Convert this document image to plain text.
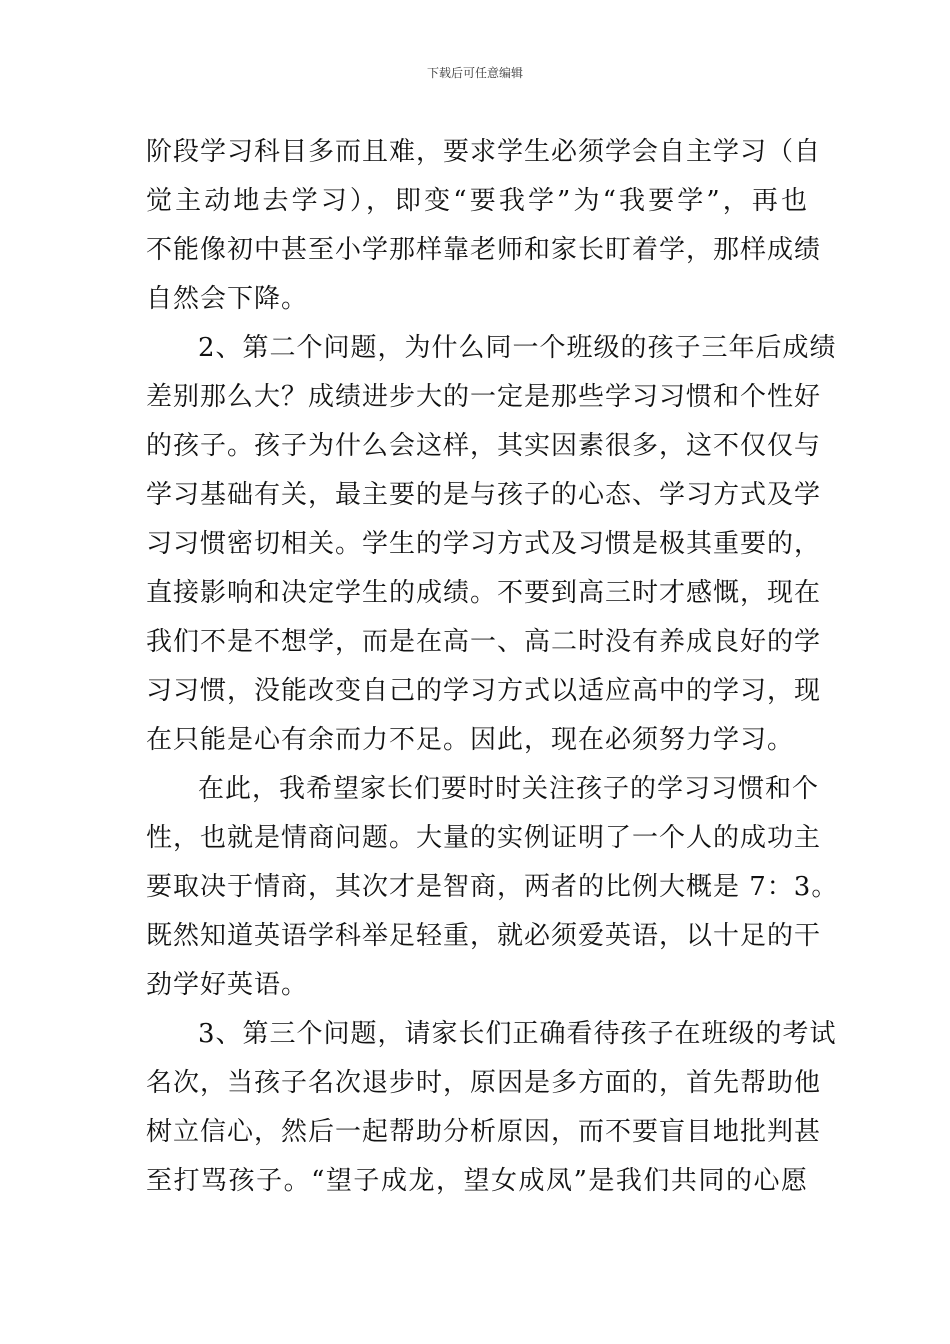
下载后可任意编辑

阶段学习科目多而且难，要求学生必须学会自主学习（自
觉主动地去学习），即变“要我学”为“我要学”，再也
不能像初中甚至小学那样靠老师和家长盯着学，那样成绩
自然会下降。

2、第二个问题，为什么同一个班级的孩子三年后成绩
差别那么大？成绩进步大的一定是那些学习习惯和个性好
的孩子。孩子为什么会这样，其实因素很多，这不仅仅与
学习基础有关，最主要的是与孩子的心态、学习方式及学
习习惯密切相关。学生的学习方式及习惯是极其重要的，
直接影响和决定学生的成绩。不要到高三时才感慨，现在
我们不是不想学，而是在高一、高二时没有养成良好的学
习习惯，没能改变自己的学习方式以适应高中的学习，现
在只能是心有余而力不足。因此，现在必须努力学习。

在此，我希望家长们要时时关注孩子的学习习惯和个
性，也就是情商问题。大量的实例证明了一个人的成功主
要取决于情商，其次才是智商，两者的比例大概是 7：3。
既然知道英语学科举足轻重，就必须爱英语，以十足的干
劲学好英语。

3、第三个问题，请家长们正确看待孩子在班级的考试
名次，当孩子名次退步时，原因是多方面的，首先帮助他
树立信心，然后一起帮助分析原因，而不要盲目地批判甚
至打骂孩子。“望子成龙，望女成凤”是我们共同的心愿
